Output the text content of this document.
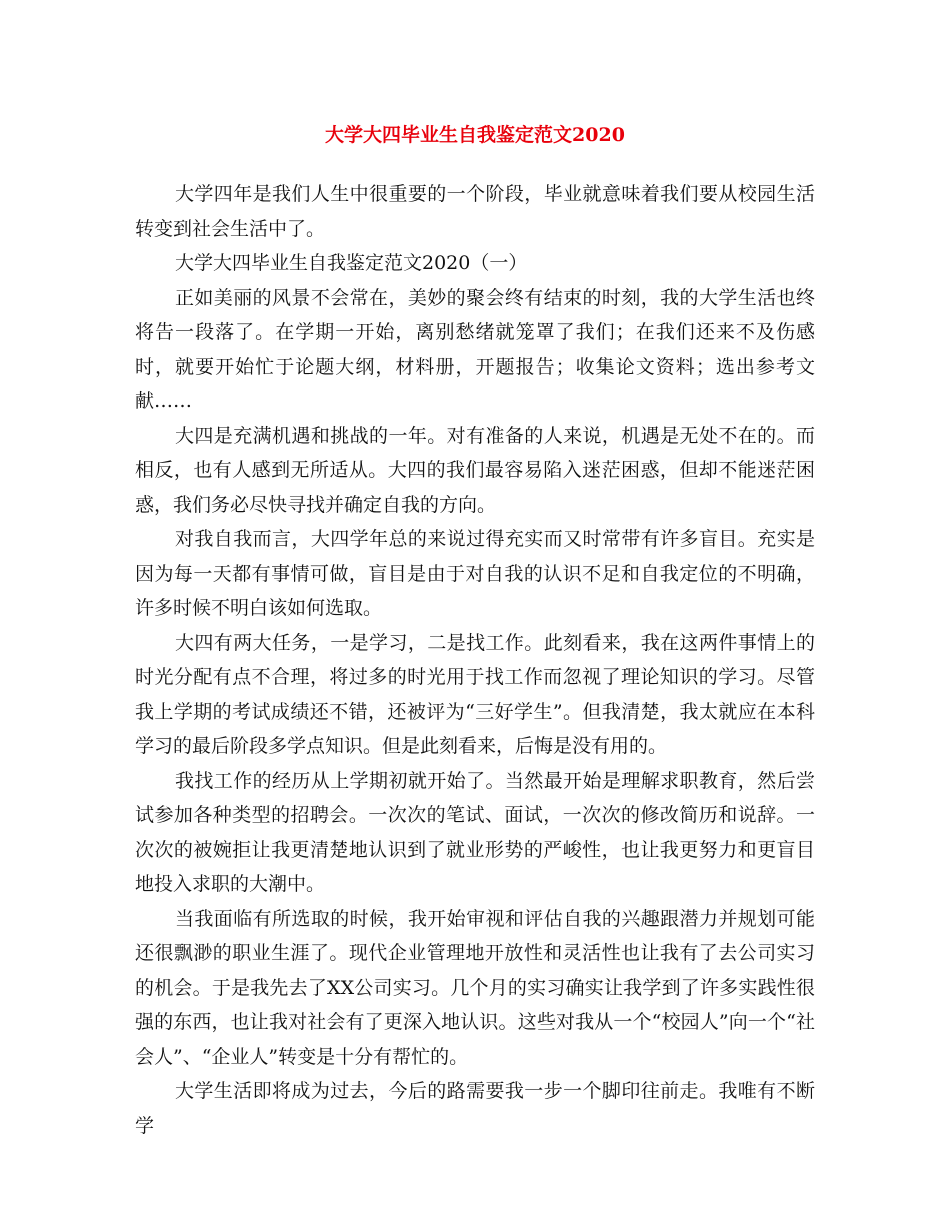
大学大四毕业生自我鉴定范文2020

大学四年是我们人生中很重要的一个阶段，毕业就意味着我们要从校园生活转变到社会生活中了。

大学大四毕业生自我鉴定范文2020（一）

正如美丽的风景不会常在，美妙的聚会终有结束的时刻，我的大学生活也终将告一段落了。在学期一开始，离别愁绪就笼罩了我们；在我们还来不及伤感时，就要开始忙于论题大纲，材料册，开题报告；收集论文资料；选出参考文献……

大四是充满机遇和挑战的一年。对有准备的人来说，机遇是无处不在的。而相反，也有人感到无所适从。大四的我们最容易陷入迷茫困惑，但却不能迷茫困惑，我们务必尽快寻找并确定自我的方向。

对我自我而言，大四学年总的来说过得充实而又时常带有许多盲目。充实是因为每一天都有事情可做，盲目是由于对自我的认识不足和自我定位的不明确，许多时候不明白该如何选取。

大四有两大任务，一是学习，二是找工作。此刻看来，我在这两件事情上的时光分配有点不合理，将过多的时光用于找工作而忽视了理论知识的学习。尽管我上学期的考试成绩还不错，还被评为“三好学生”。但我清楚，我太就应在本科学习的最后阶段多学点知识。但是此刻看来，后悔是没有用的。

我找工作的经历从上学期初就开始了。当然最开始是理解求职教育，然后尝试参加各种类型的招聘会。一次次的笔试、面试，一次次的修改简历和说辞。一次次的被婉拒让我更清楚地认识到了就业形势的严峻性，也让我更努力和更盲目地投入求职的大潮中。

当我面临有所选取的时候，我开始审视和评估自我的兴趣跟潜力并规划可能还很飘渺的职业生涯了。现代企业管理地开放性和灵活性也让我有了去公司实习的机会。于是我先去了XX公司实习。几个月的实习确实让我学到了许多实践性很强的东西，也让我对社会有了更深入地认识。这些对我从一个“校园人”向一个“社会人”、“企业人”转变是十分有帮忙的。

大学生活即将成为过去，今后的路需要我一步一个脚印往前走。我唯有不断学
